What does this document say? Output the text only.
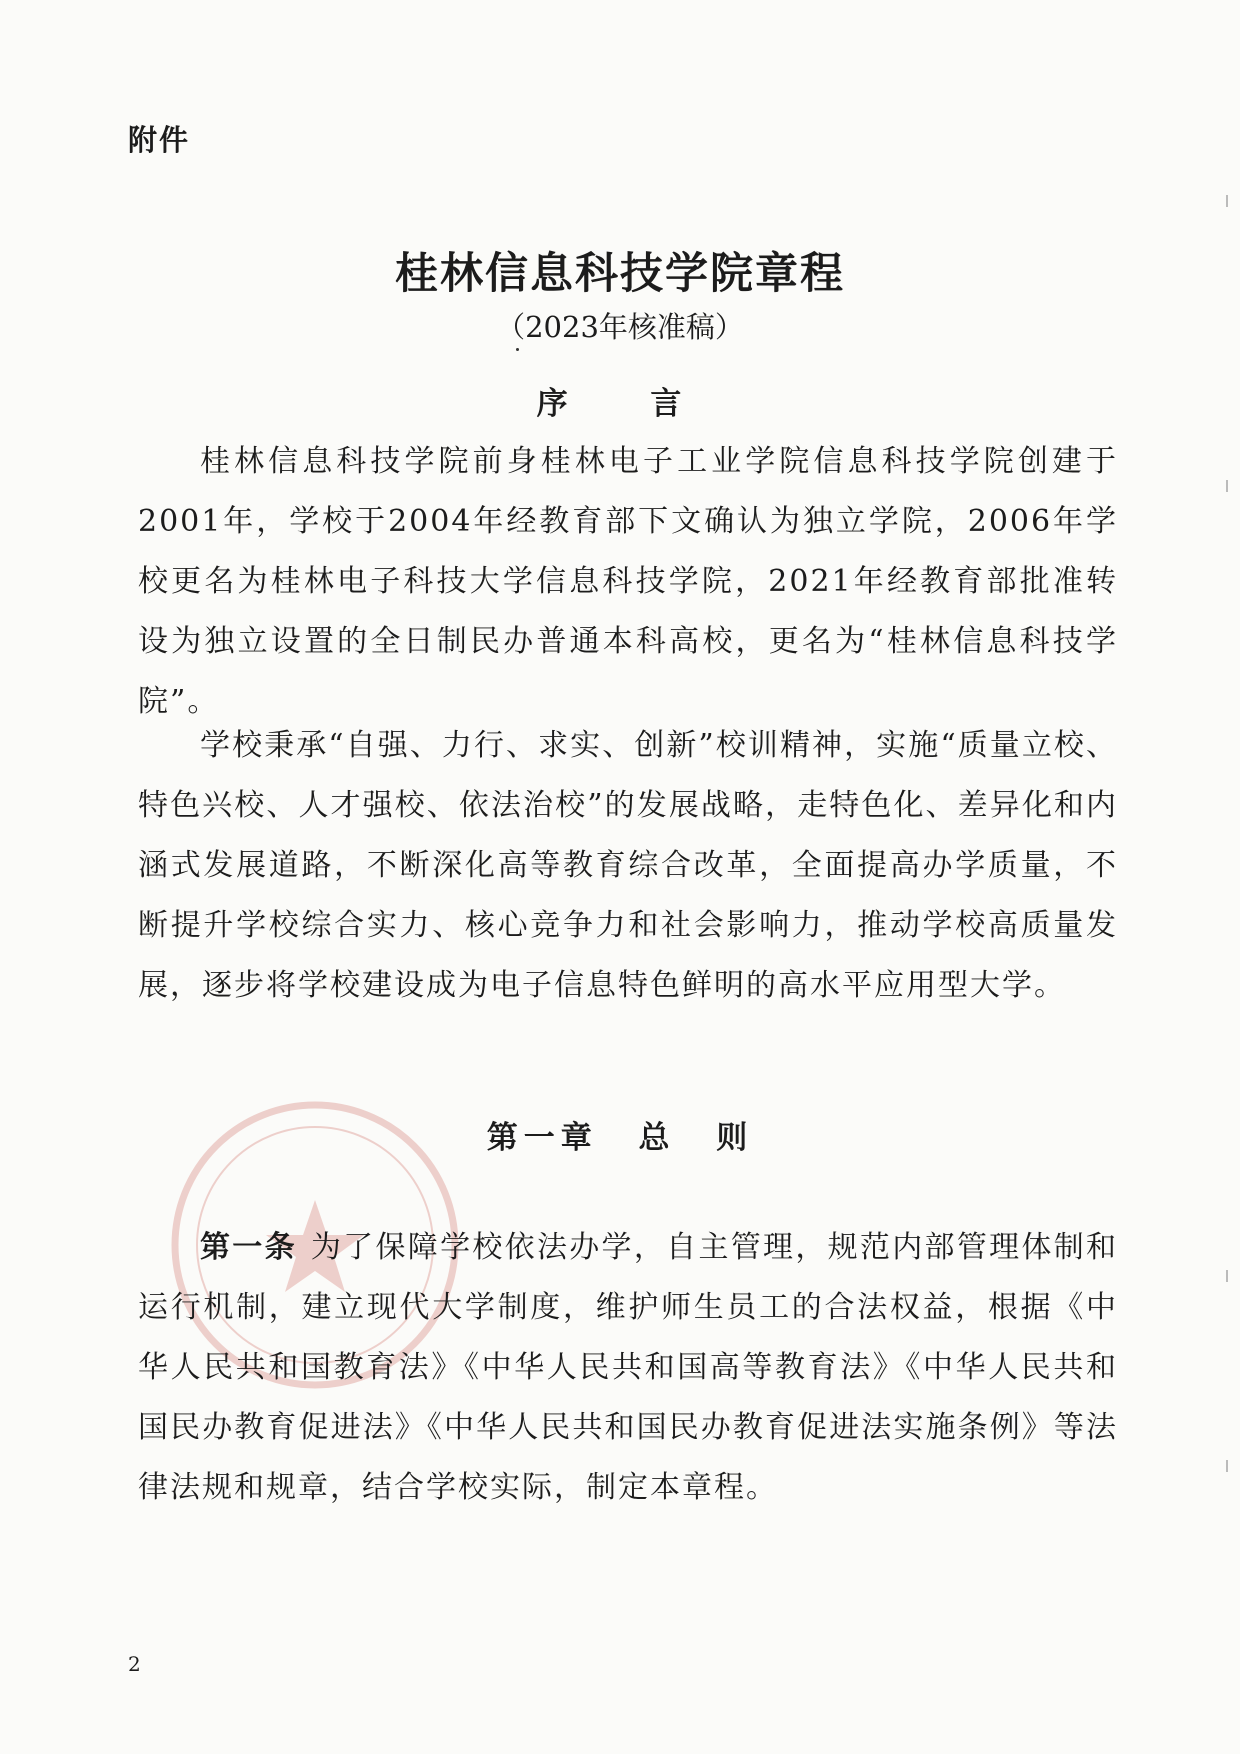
附件
桂林信息科技学院章程
（2023年核准稿）
序 言

桂林信息科技学院前身桂林电子工业学院信息科技学院创建于2001年，学校于2004年经教育部下文确认为独立学院，2006年学校更名为桂林电子科技大学信息科技学院，2021年经教育部批准转设为独立设置的全日制民办普通本科高校，更名为“桂林信息科技学院”。

学校秉承“自强、力行、求实、创新”校训精神，实施“质量立校、特色兴校、人才强校、依法治校”的发展战略，走特色化、差异化和内涵式发展道路，不断深化高等教育综合改革，全面提高办学质量，不断提升学校综合实力、核心竞争力和社会影响力，推动学校高质量发展，逐步将学校建设成为电子信息特色鲜明的高水平应用型大学。

第一章 总 则

第一条 为了保障学校依法办学，自主管理，规范内部管理体制和运行机制，建立现代大学制度，维护师生员工的合法权益，根据《中华人民共和国教育法》《中华人民共和国高等教育法》《中华人民共和国民办教育促进法》《中华人民共和国民办教育促进法实施条例》等法律法规和规章，结合学校实际，制定本章程。

2
